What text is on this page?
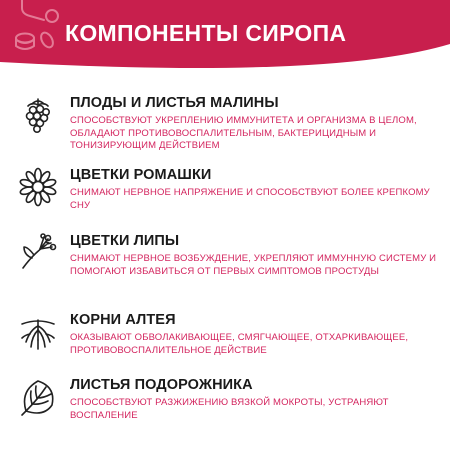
КОМПОНЕНТЫ СИРОПА
ПЛОДЫ И ЛИСТЬЯ МАЛИНЫ

СПОСОБСТВУЮТ УКРЕПЛЕНИЮ ИММУНИТЕТА И ОРГАНИЗМА В ЦЕЛОМ, ОБЛАДАЮТ ПРОТИВОВОСПАЛИТЕЛЬНЫМ, БАКТЕРИЦИДНЫМ И ТОНИЗИРУЮЩИМ ДЕЙСТВИЕМ

ЦВЕТКИ РОМАШКИ

СНИМАЮТ НЕРВНОЕ НАПРЯЖЕНИЕ И СПОСОБСТВУЮТ БОЛЕЕ КРЕПКОМУ СНУ

ЦВЕТКИ ЛИПЫ

СНИМАЮТ НЕРВНОЕ ВОЗБУЖДЕНИЕ, УКРЕПЛЯЮТ ИММУННУЮ СИСТЕМУ И ПОМОГАЮТ ИЗБАВИТЬСЯ ОТ ПЕРВЫХ СИМПТОМОВ ПРОСТУДЫ

КОРНИ АЛТЕЯ

ОКАЗЫВАЮТ ОБВОЛАКИВАЮЩЕЕ, СМЯГЧАЮЩЕЕ, ОТХАРКИВАЮЩЕЕ, ПРОТИВОВОСПАЛИТЕЛЬНОЕ ДЕЙСТВИЕ

ЛИСТЬЯ ПОДОРОЖНИКА

СПОСОБСТВУЮТ РАЗЖИЖЕНИЮ ВЯЗКОЙ МОКРОТЫ, УСТРАНЯЮТ ВОСПАЛЕНИЕ
